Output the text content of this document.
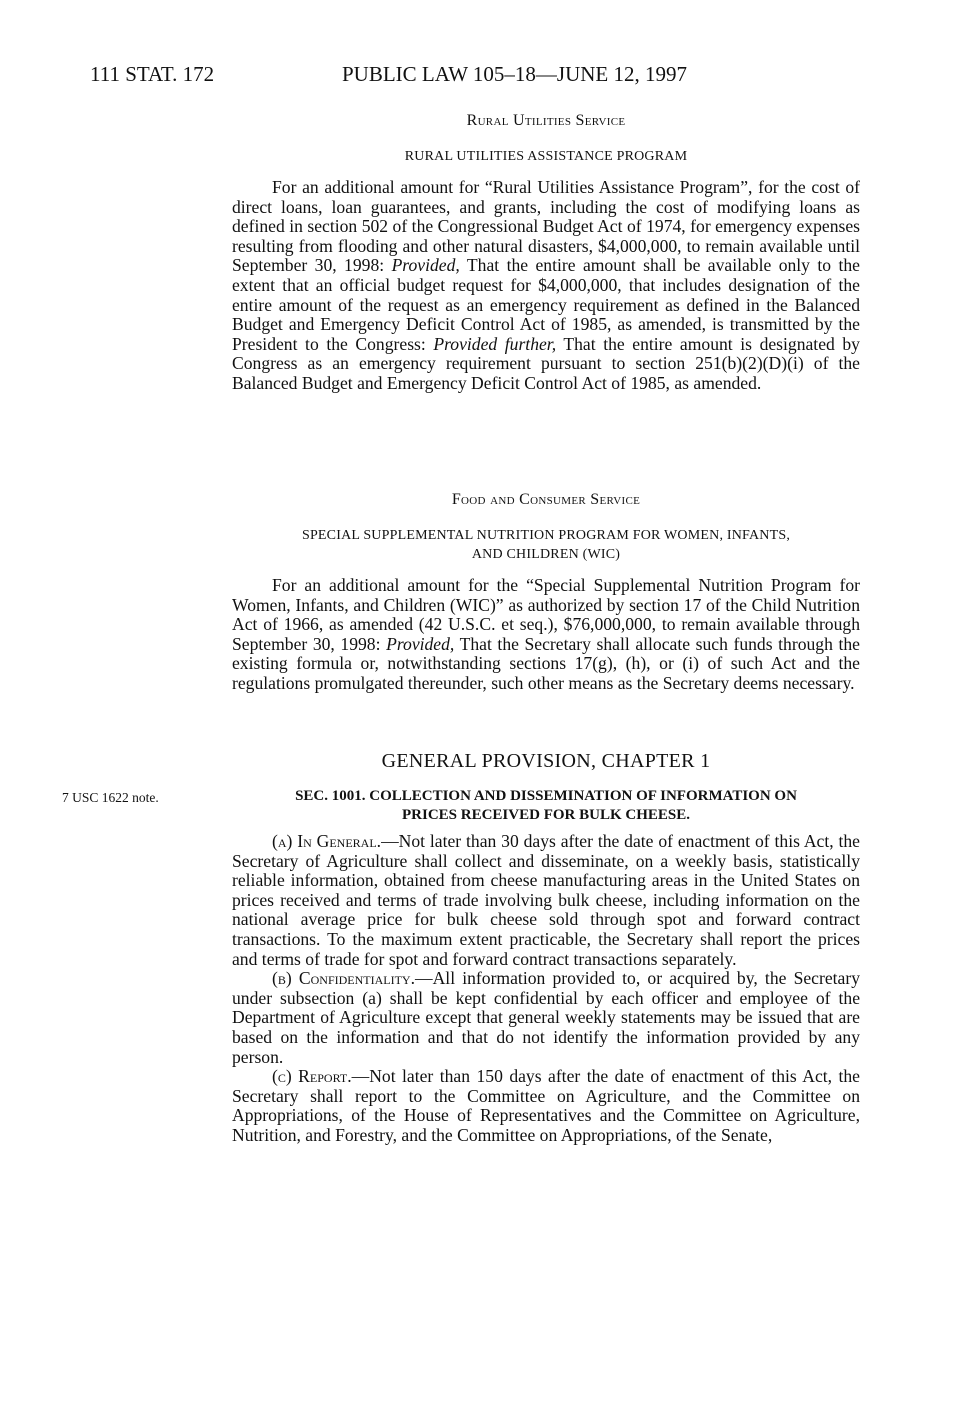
111 STAT. 172	PUBLIC LAW 105–18—JUNE 12, 1997
Rural Utilities Service
RURAL UTILITIES ASSISTANCE PROGRAM

For an additional amount for “Rural Utilities Assistance Program”, for the cost of direct loans, loan guarantees, and grants, including the cost of modifying loans as defined in section 502 of the Congressional Budget Act of 1974, for emergency expenses resulting from flooding and other natural disasters, $4,000,000, to remain available until September 30, 1998: Provided, That the entire amount shall be available only to the extent that an official budget request for $4,000,000, that includes designation of the entire amount of the request as an emergency requirement as defined in the Balanced Budget and Emergency Deficit Control Act of 1985, as amended, is transmitted by the President to the Congress: Provided further, That the entire amount is designated by Congress as an emergency requirement pursuant to section 251(b)(2)(D)(i) of the Balanced Budget and Emergency Deficit Control Act of 1985, as amended.

Food and Consumer Service
SPECIAL SUPPLEMENTAL NUTRITION PROGRAM FOR WOMEN, INFANTS,
AND CHILDREN (WIC)

For an additional amount for the “Special Supplemental Nutrition Program for Women, Infants, and Children (WIC)” as authorized by section 17 of the Child Nutrition Act of 1966, as amended (42 U.S.C. et seq.), $76,000,000, to remain available through September 30, 1998: Provided, That the Secretary shall allocate such funds through the existing formula or, notwithstanding sections 17(g), (h), or (i) of such Act and the regulations promulgated thereunder, such other means as the Secretary deems necessary.

GENERAL PROVISION, CHAPTER 1
7 USC 1622 note.	SEC. 1001. COLLECTION AND DISSEMINATION OF INFORMATION ON
PRICES RECEIVED FOR BULK CHEESE.

(a) In General.—Not later than 30 days after the date of enactment of this Act, the Secretary of Agriculture shall collect and disseminate, on a weekly basis, statistically reliable information, obtained from cheese manufacturing areas in the United States on prices received and terms of trade involving bulk cheese, including information on the national average price for bulk cheese sold through spot and forward contract transactions. To the maximum extent practicable, the Secretary shall report the prices and terms of trade for spot and forward contract transactions separately.

(b) Confidentiality.—All information provided to, or acquired by, the Secretary under subsection (a) shall be kept confidential by each officer and employee of the Department of Agriculture except that general weekly statements may be issued that are based on the information and that do not identify the information provided by any person.

(c) Report.—Not later than 150 days after the date of enactment of this Act, the Secretary shall report to the Committee on Agriculture, and the Committee on Appropriations, of the House of Representatives and the Committee on Agriculture, Nutrition, and Forestry, and the Committee on Appropriations, of the Senate,
